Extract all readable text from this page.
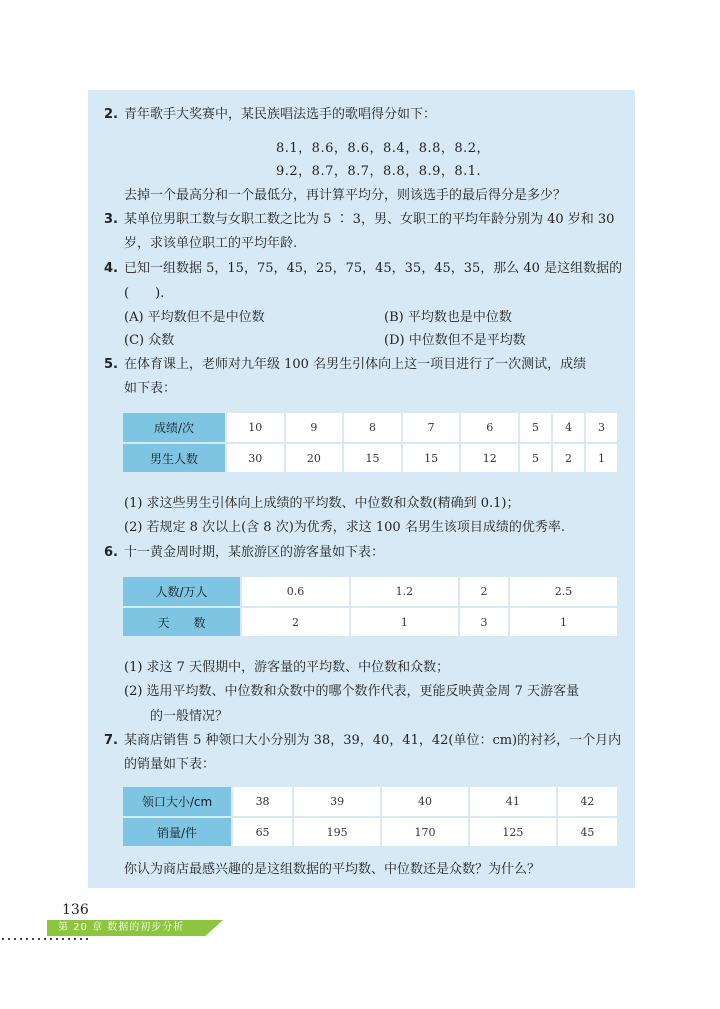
2. 青年歌手大奖赛中，某民族唱法选手的歌唱得分如下：
8.1，8.6，8.6，8.4，8.8，8.2，
9.2，8.7，8.7，8.8，8.9，8.1.
去掉一个最高分和一个最低分，再计算平均分，则该选手的最后得分是多少？
3. 某单位男职工数与女职工数之比为 5 ∶ 3，男、女职工的平均年龄分别为 40 岁和 30
岁，求该单位职工的平均年龄.
4. 已知一组数据 5，15，75，45，25，75，45，35，45，35，那么 40 是这组数据的
(　　).
(A) 平均数但不是中位数	(B) 平均数也是中位数
(C) 众数	(D) 中位数但不是平均数
5. 在体育课上，老师对九年级 100 名男生引体向上这一项目进行了一次测试，成绩
如下表：
成绩/次	10	9	8	7	6	5	4	3
男生人数	30	20	15	15	12	5	2	1
(1) 求这些男生引体向上成绩的平均数、中位数和众数(精确到 0.1)；
(2) 若规定 8 次以上(含 8 次)为优秀，求这 100 名男生该项目成绩的优秀率.
6. 十一黄金周时期，某旅游区的游客量如下表：
人数/万人	0.6	1.2	2	2.5
天　　数	2	1	3	1
(1) 求这 7 天假期中，游客量的平均数、中位数和众数；
(2) 选用平均数、中位数和众数中的哪个数作代表，更能反映黄金周 7 天游客量
的一般情况？
7. 某商店销售 5 种领口大小分别为 38，39，40，41，42(单位：cm)的衬衫，一个月内
的销量如下表：
领口大小/cm	38	39	40	41	42
销量/件	65	195	170	125	45
你认为商店最感兴趣的是这组数据的平均数、中位数还是众数？为什么？
136
第 20 章 数据的初步分析
